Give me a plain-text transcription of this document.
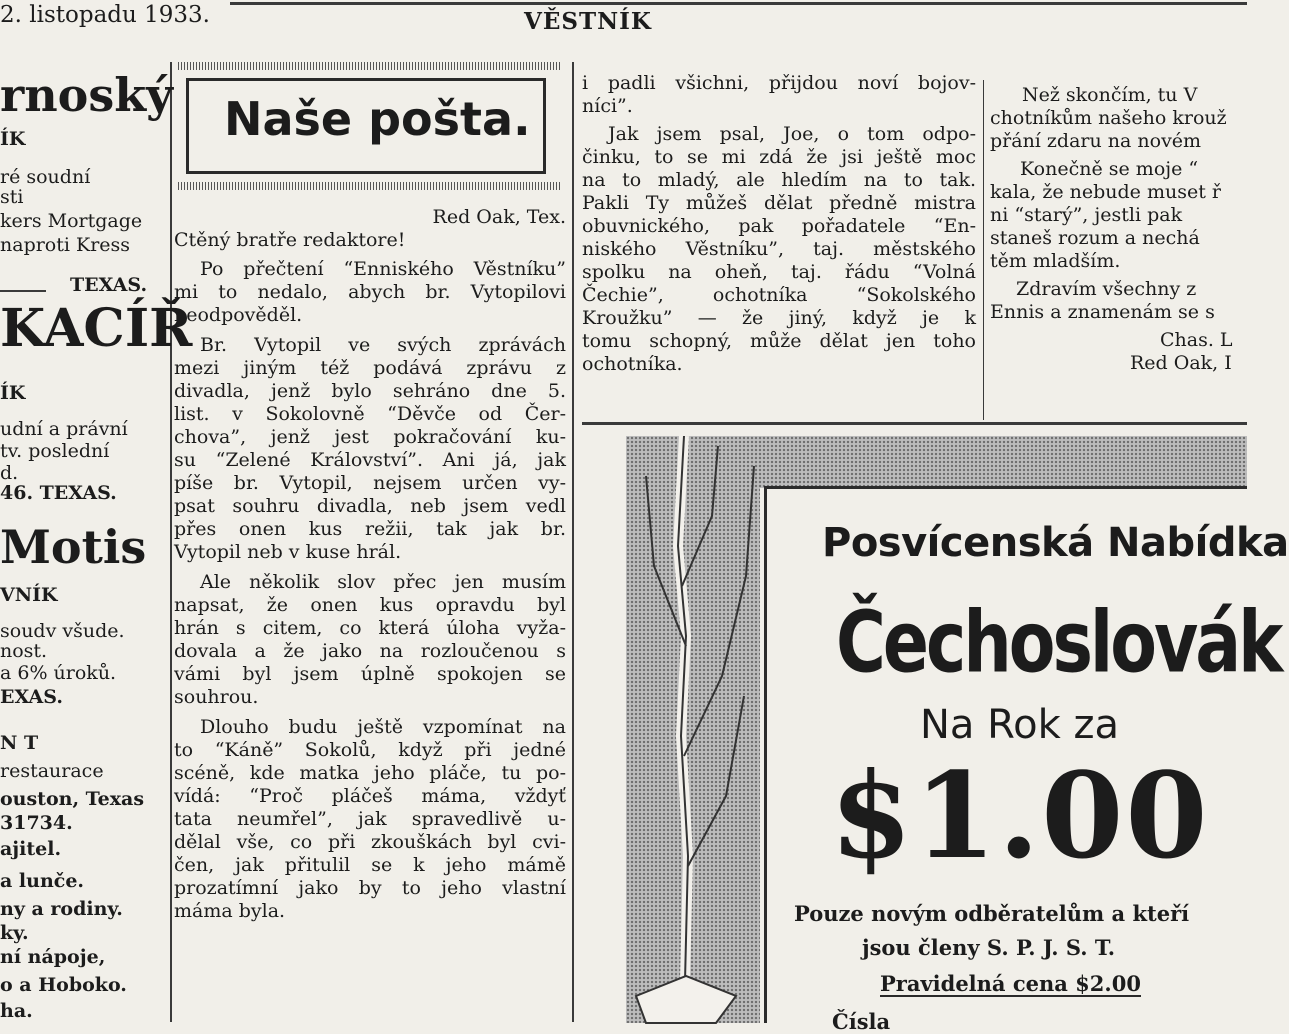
2. listopadu 1933.	VĚSTNÍK
rnoský
ÍK
ré soudní
sti
kers Mortgage
naproti Kress
TEXAS.
KACÍŘ
ÍK
udní a právní
tv. poslední
d.
46. TEXAS.
Motis
VNÍK
soudv všude.
nost.
a 6% úroků.
EXAS.
N T
restaurace
ouston, Texas
31734.
ajitel.
a lunče.
ny a rodiny.
ky.
ní nápoje,
o a Hoboko.
ha.
Naše pošta.
Red Oak, Tex.
Ctěný bratře redaktore!
Po přečtení “Enniského Věstníku”
mi to nedalo, abych br. Vytopilovi
neodpověděl.
Br. Vytopil ve svých zprávách
mezi jiným též podává zprávu z
divadla, jenž bylo sehráno dne 5.
list. v Sokolovně “Děvče od Čer-
chova”, jenž jest pokračování ku-
su “Zelené Království”. Ani já, jak
píše br. Vytopil, nejsem určen vy-
psat souhru divadla, neb jsem vedl
přes onen kus režii, tak jak br.
Vytopil neb v kuse hrál.
Ale několik slov přec jen musím
napsat, že onen kus opravdu byl
hrán s citem, co která úloha vyža-
dovala a že jako na rozloučenou s
vámi byl jsem úplně spokojen se
souhrou.
Dlouho budu ještě vzpomínat na
to “Káně” Sokolů, když při jedné
scéně, kde matka jeho pláče, tu po-
vídá: “Proč pláčeš máma, vždyť
tata neumřel”, jak spravedlivě u-
dělal vše, co při zkouškách byl cvi-
čen, jak přitulil se k jeho mámě
prozatímní jako by to jeho vlastní
máma byla.
i padli všichni, přijdou noví bojov-
níci”.
Jak jsem psal, Joe, o tom odpo-
činku, to se mi zdá že jsi ještě moc
na to mladý, ale hledím na to tak.
Pakli Ty můžeš dělat předně mistra
obuvnického, pak pořadatele “En-
niského Věstníku”, taj. městského
spolku na oheň, taj. řádu “Volná
Čechie”, ochotníka “Sokolského
Kroužku” — že jiný, když je k
tomu schopný, může dělat jen toho
ochotníka.
Než skončím, tu V
chotníkům našeho krouž
přání zdaru na novém
Konečně se moje “
kala, že nebude muset ř
ni “starý”, jestli pak
staneš rozum a nechá
těm mladším.
Zdravím všechny z
Ennis a znamenám se s
Chas. L
Red Oak, I
Posvícenská Nabídka
Čechoslovák
Na Rok za
$1.00
Pouze novým odběratelům a kteří
jsou členy S. P. J. S. T.
Pravidelná cena $2.00
Čísla
